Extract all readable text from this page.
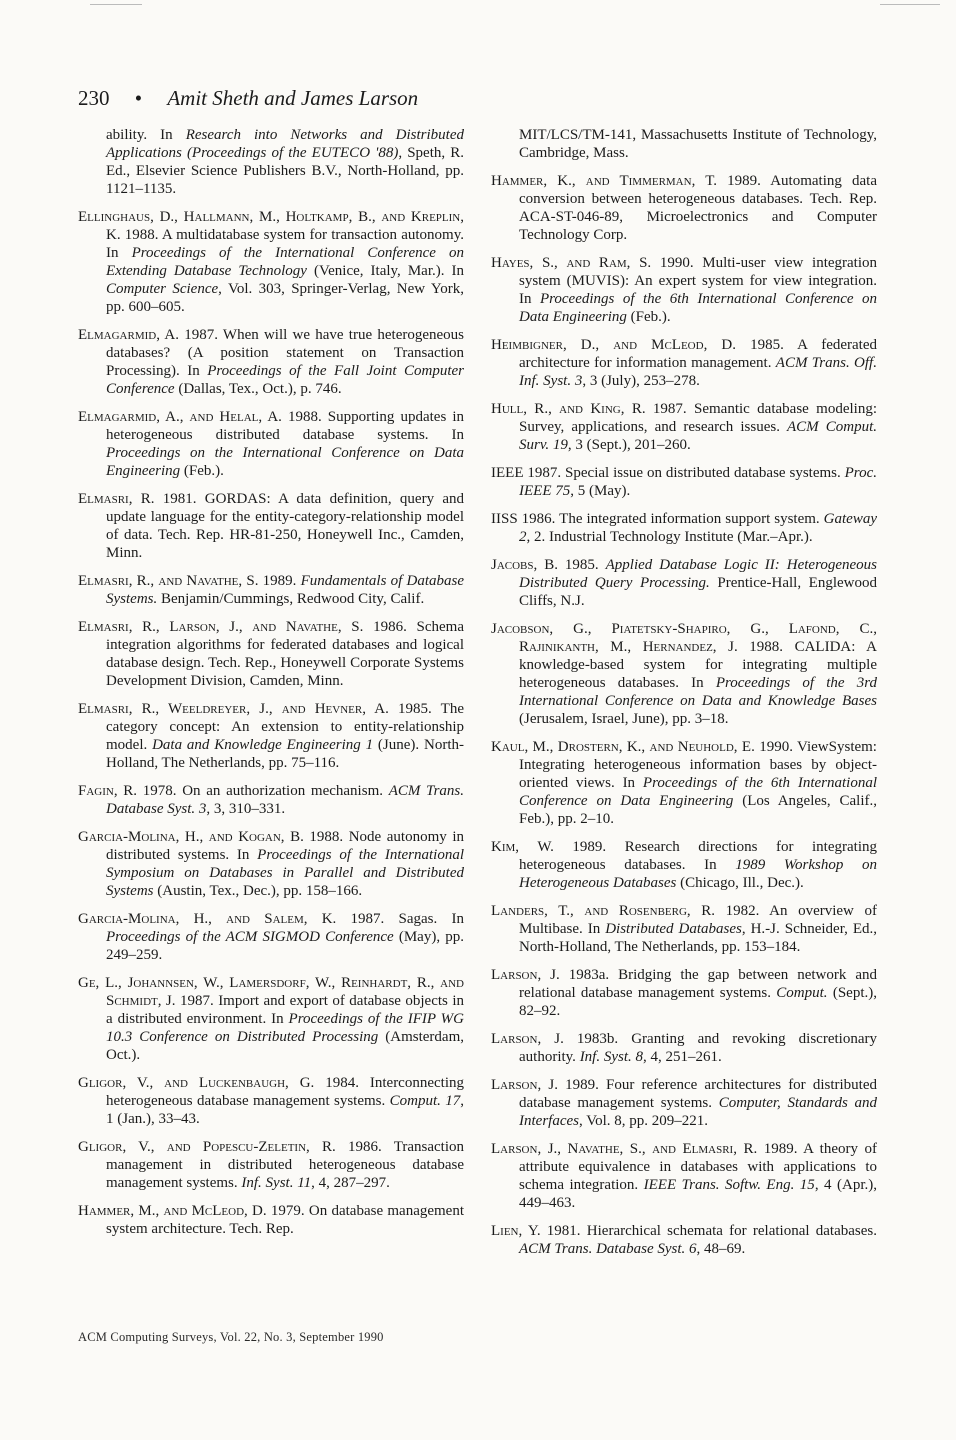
230 • Amit Sheth and James Larson
ability. In Research into Networks and Distributed Applications (Proceedings of the EUTECO '88), Speth, R. Ed., Elsevier Science Publishers B.V., North-Holland, pp. 1121–1135.
Ellinghaus, D., Hallmann, M., Holtkamp, B., and Kreplin, K. 1988. A multidatabase system for transaction autonomy. In Proceedings of the International Conference on Extending Database Technology (Venice, Italy, Mar.). In Computer Science, Vol. 303, Springer-Verlag, New York, pp. 600–605.
Elmagarmid, A. 1987. When will we have true heterogeneous databases? (A position statement on Transaction Processing). In Proceedings of the Fall Joint Computer Conference (Dallas, Tex., Oct.), p. 746.
Elmagarmid, A., and Helal, A. 1988. Supporting updates in heterogeneous distributed database systems. In Proceedings on the International Conference on Data Engineering (Feb.).
Elmasri, R. 1981. GORDAS: A data definition, query and update language for the entity-category-relationship model of data. Tech. Rep. HR-81-250, Honeywell Inc., Camden, Minn.
Elmasri, R., and Navathe, S. 1989. Fundamentals of Database Systems. Benjamin/Cummings, Redwood City, Calif.
Elmasri, R., Larson, J., and Navathe, S. 1986. Schema integration algorithms for federated databases and logical database design. Tech. Rep., Honeywell Corporate Systems Development Division, Camden, Minn.
Elmasri, R., Weeldreyer, J., and Hevner, A. 1985. The category concept: An extension to entity-relationship model. Data and Knowledge Engineering 1 (June). North-Holland, The Netherlands, pp. 75–116.
Fagin, R. 1978. On an authorization mechanism. ACM Trans. Database Syst. 3, 3, 310–331.
Garcia-Molina, H., and Kogan, B. 1988. Node autonomy in distributed systems. In Proceedings of the International Symposium on Databases in Parallel and Distributed Systems (Austin, Tex., Dec.), pp. 158–166.
Garcia-Molina, H., and Salem, K. 1987. Sagas. In Proceedings of the ACM SIGMOD Conference (May), pp. 249–259.
Ge, L., Johannsen, W., Lamersdorf, W., Reinhardt, R., and Schmidt, J. 1987. Import and export of database objects in a distributed environment. In Proceedings of the IFIP WG 10.3 Conference on Distributed Processing (Amsterdam, Oct.).
Gligor, V., and Luckenbaugh, G. 1984. Interconnecting heterogeneous database management systems. Comput. 17, 1 (Jan.), 33–43.
Gligor, V., and Popescu-Zeletin, R. 1986. Transaction management in distributed heterogeneous database management systems. Inf. Syst. 11, 4, 287–297.
Hammer, M., and McLeod, D. 1979. On database management system architecture. Tech. Rep.
MIT/LCS/TM-141, Massachusetts Institute of Technology, Cambridge, Mass.
Hammer, K., and Timmerman, T. 1989. Automating data conversion between heterogeneous databases. Tech. Rep. ACA-ST-046-89, Microelectronics and Computer Technology Corp.
Hayes, S., and Ram, S. 1990. Multi-user view integration system (MUVIS): An expert system for view integration. In Proceedings of the 6th International Conference on Data Engineering (Feb.).
Heimbigner, D., and McLeod, D. 1985. A federated architecture for information management. ACM Trans. Off. Inf. Syst. 3, 3 (July), 253–278.
Hull, R., and King, R. 1987. Semantic database modeling: Survey, applications, and research issues. ACM Comput. Surv. 19, 3 (Sept.), 201–260.
IEEE 1987. Special issue on distributed database systems. Proc. IEEE 75, 5 (May).
IISS 1986. The integrated information support system. Gateway 2, 2. Industrial Technology Institute (Mar.–Apr.).
Jacobs, B. 1985. Applied Database Logic II: Heterogeneous Distributed Query Processing. Prentice-Hall, Englewood Cliffs, N.J.
Jacobson, G., Piatetsky-Shapiro, G., Lafond, C., Rajinikanth, M., Hernandez, J. 1988. CALIDA: A knowledge-based system for integrating multiple heterogeneous databases. In Proceedings of the 3rd International Conference on Data and Knowledge Bases (Jerusalem, Israel, June), pp. 3–18.
Kaul, M., Drostern, K., and Neuhold, E. 1990. ViewSystem: Integrating heterogeneous information bases by object-oriented views. In Proceedings of the 6th International Conference on Data Engineering (Los Angeles, Calif., Feb.), pp. 2–10.
Kim, W. 1989. Research directions for integrating heterogeneous databases. In 1989 Workshop on Heterogeneous Databases (Chicago, Ill., Dec.).
Landers, T., and Rosenberg, R. 1982. An overview of Multibase. In Distributed Databases, H.-J. Schneider, Ed., North-Holland, The Netherlands, pp. 153–184.
Larson, J. 1983a. Bridging the gap between network and relational database management systems. Comput. (Sept.), 82–92.
Larson, J. 1983b. Granting and revoking discretionary authority. Inf. Syst. 8, 4, 251–261.
Larson, J. 1989. Four reference architectures for distributed database management systems. Computer, Standards and Interfaces, Vol. 8, pp. 209–221.
Larson, J., Navathe, S., and Elmasri, R. 1989. A theory of attribute equivalence in databases with applications to schema integration. IEEE Trans. Softw. Eng. 15, 4 (Apr.), 449–463.
Lien, Y. 1981. Hierarchical schemata for relational databases. ACM Trans. Database Syst. 6, 48–69.
ACM Computing Surveys, Vol. 22, No. 3, September 1990
